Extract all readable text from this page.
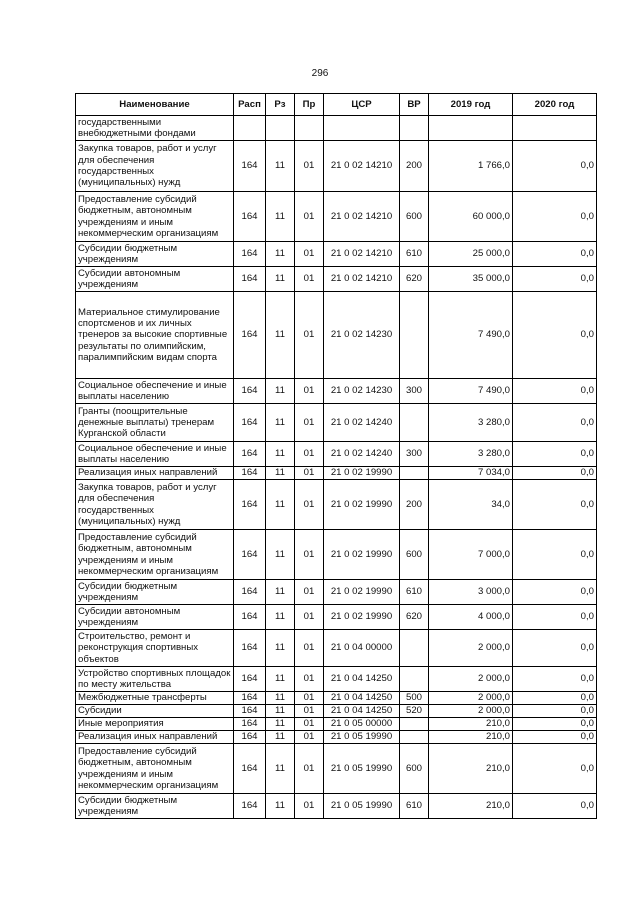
296
Наименование	Расп	Рз	Пр	ЦСР	ВР	2019 год	2020 год
государственными внебюджетными фондами							
Закупка товаров, работ и услуг для обеспечения государственных (муниципальных) нужд	164	11	01	21 0 02 14210	200	1 766,0	0,0
Предоставление субсидий бюджетным, автономным учреждениям и иным некоммерческим организациям	164	11	01	21 0 02 14210	600	60 000,0	0,0
Субсидии бюджетным учреждениям	164	11	01	21 0 02 14210	610	25 000,0	0,0
Субсидии автономным учреждениям	164	11	01	21 0 02 14210	620	35 000,0	0,0
Материальное стимулирование спортсменов и их личных тренеров за высокие спортивные результаты по олимпийским, паралимпийским видам спорта	164	11	01	21 0 02 14230		7 490,0	0,0
Социальное обеспечение и иные выплаты населению	164	11	01	21 0 02 14230	300	7 490,0	0,0
Гранты (поощрительные денежные выплаты) тренерам Курганской области	164	11	01	21 0 02 14240		3 280,0	0,0
Социальное обеспечение и иные выплаты населению	164	11	01	21 0 02 14240	300	3 280,0	0,0
Реализация иных направлений	164	11	01	21 0 02 19990		7 034,0	0,0
Закупка товаров, работ и услуг для обеспечения государственных (муниципальных) нужд	164	11	01	21 0 02 19990	200	34,0	0,0
Предоставление субсидий бюджетным, автономным учреждениям и иным некоммерческим организациям	164	11	01	21 0 02 19990	600	7 000,0	0,0
Субсидии бюджетным учреждениям	164	11	01	21 0 02 19990	610	3 000,0	0,0
Субсидии автономным учреждениям	164	11	01	21 0 02 19990	620	4 000,0	0,0
Строительство, ремонт и реконструкция спортивных объектов	164	11	01	21 0 04 00000		2 000,0	0,0
Устройство спортивных площадок по месту жительства	164	11	01	21 0 04 14250		2 000,0	0,0
Межбюджетные трансферты	164	11	01	21 0 04 14250	500	2 000,0	0,0
Субсидии	164	11	01	21 0 04 14250	520	2 000,0	0,0
Иные мероприятия	164	11	01	21 0 05 00000		210,0	0,0
Реализация иных направлений	164	11	01	21 0 05 19990		210,0	0,0
Предоставление субсидий бюджетным, автономным учреждениям и иным некоммерческим организациям	164	11	01	21 0 05 19990	600	210,0	0,0
Субсидии бюджетным учреждениям	164	11	01	21 0 05 19990	610	210,0	0,0
